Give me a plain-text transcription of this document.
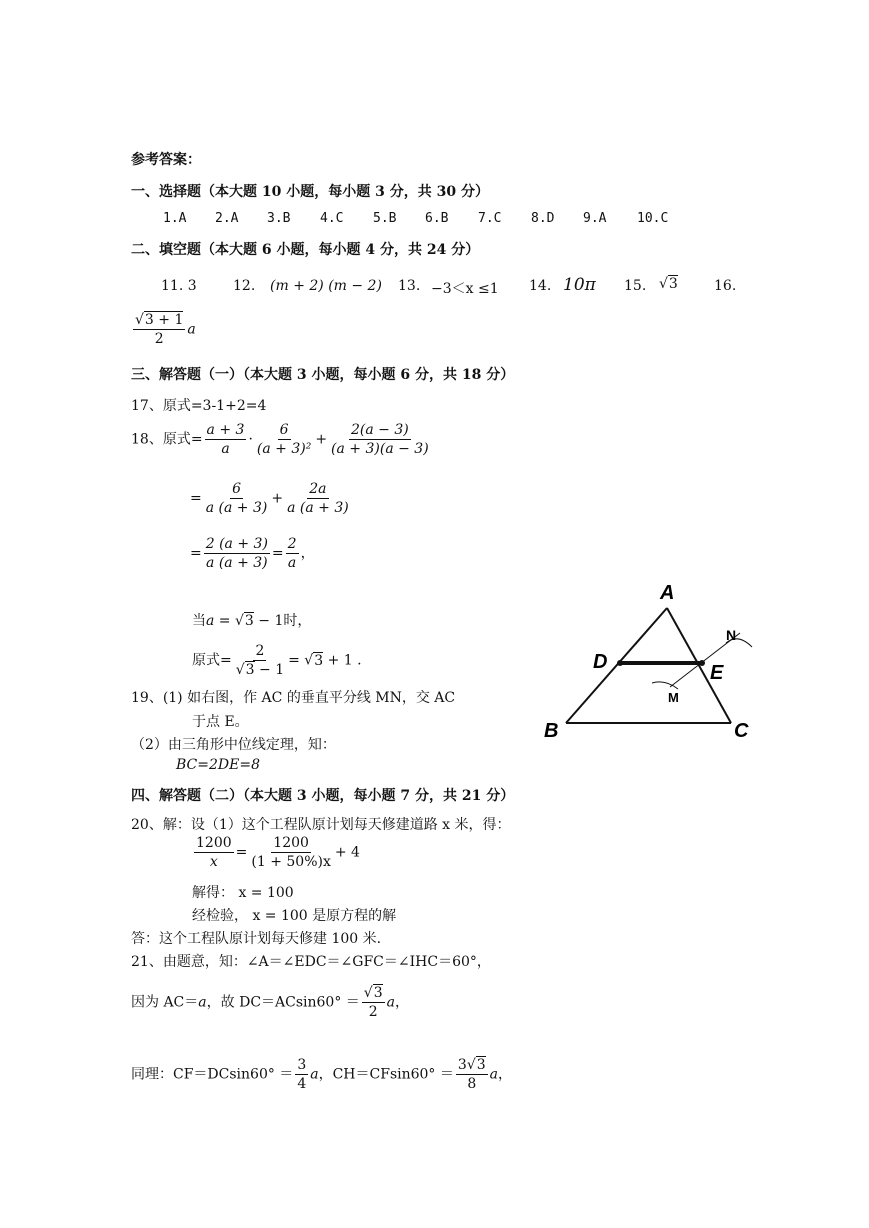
参考答案：
一、选择题（本大题 10 小题，每小题 3 分，共 30 分）
1.A 2.A 3.B 4.C 5.B 6.B 7.C 8.D 9.A 10.C
二、填空题（本大题 6 小题，每小题 4 分，共 24 分）
11. 3	12. (m + 2) (m − 2) 13. −3＜x ≤1 14. 10π 15. √3	16.
$\frac{√3 + 1}{2}$ a
三、解答题（一）（本大题 3 小题，每小题 6 分，共 18 分）
17、原式=3-1+2=4
18、原式= $\frac{a + 3}{a} \cdot \frac{6}{\text{(a + 3)²}} + \frac{2(a - 3)}{(a + 3)(a - 3)}$
= $\frac{6}{a (a + 3)} + \frac{2a}{a (a + 3)}$
= $\frac{2 (a + 3)}{a (a + 3)} = \frac{2}{a}$ ，
当a = √3 − 1时，
原式= $\frac{2}{√3 - 1} = √3 + 1$ .
19、(1) 如右图，作 AC 的垂直平分线 MN，交 AC
于点 E。
（2）由三角形中位线定理，知：
BC=2DE=8
A
D	E
B	C
M
N
四、解答题（二）（本大题 3 小题，每小题 7 分，共 21 分）
20、解：设（1）这个工程队原计划每天修建道路 x 米，得：
$\frac{1200}{x} = \frac{1200}{(1 + 50\%)x} + 4$
解得： x = 100
经检验， x = 100 是原方程的解
答：这个工程队原计划每天修建 100 米.
21、由题意，知：∠A＝∠EDC＝∠GFC＝∠IHC＝60°，
因为 AC＝a，故 $DC=ACsin60^\circ = \frac{√3}{2}$ a，
同理：$CF=DCsin60^\circ = \frac{3}{4}$ a，$CH=CFsin60^\circ = \frac{3√3}{8}$ a，
